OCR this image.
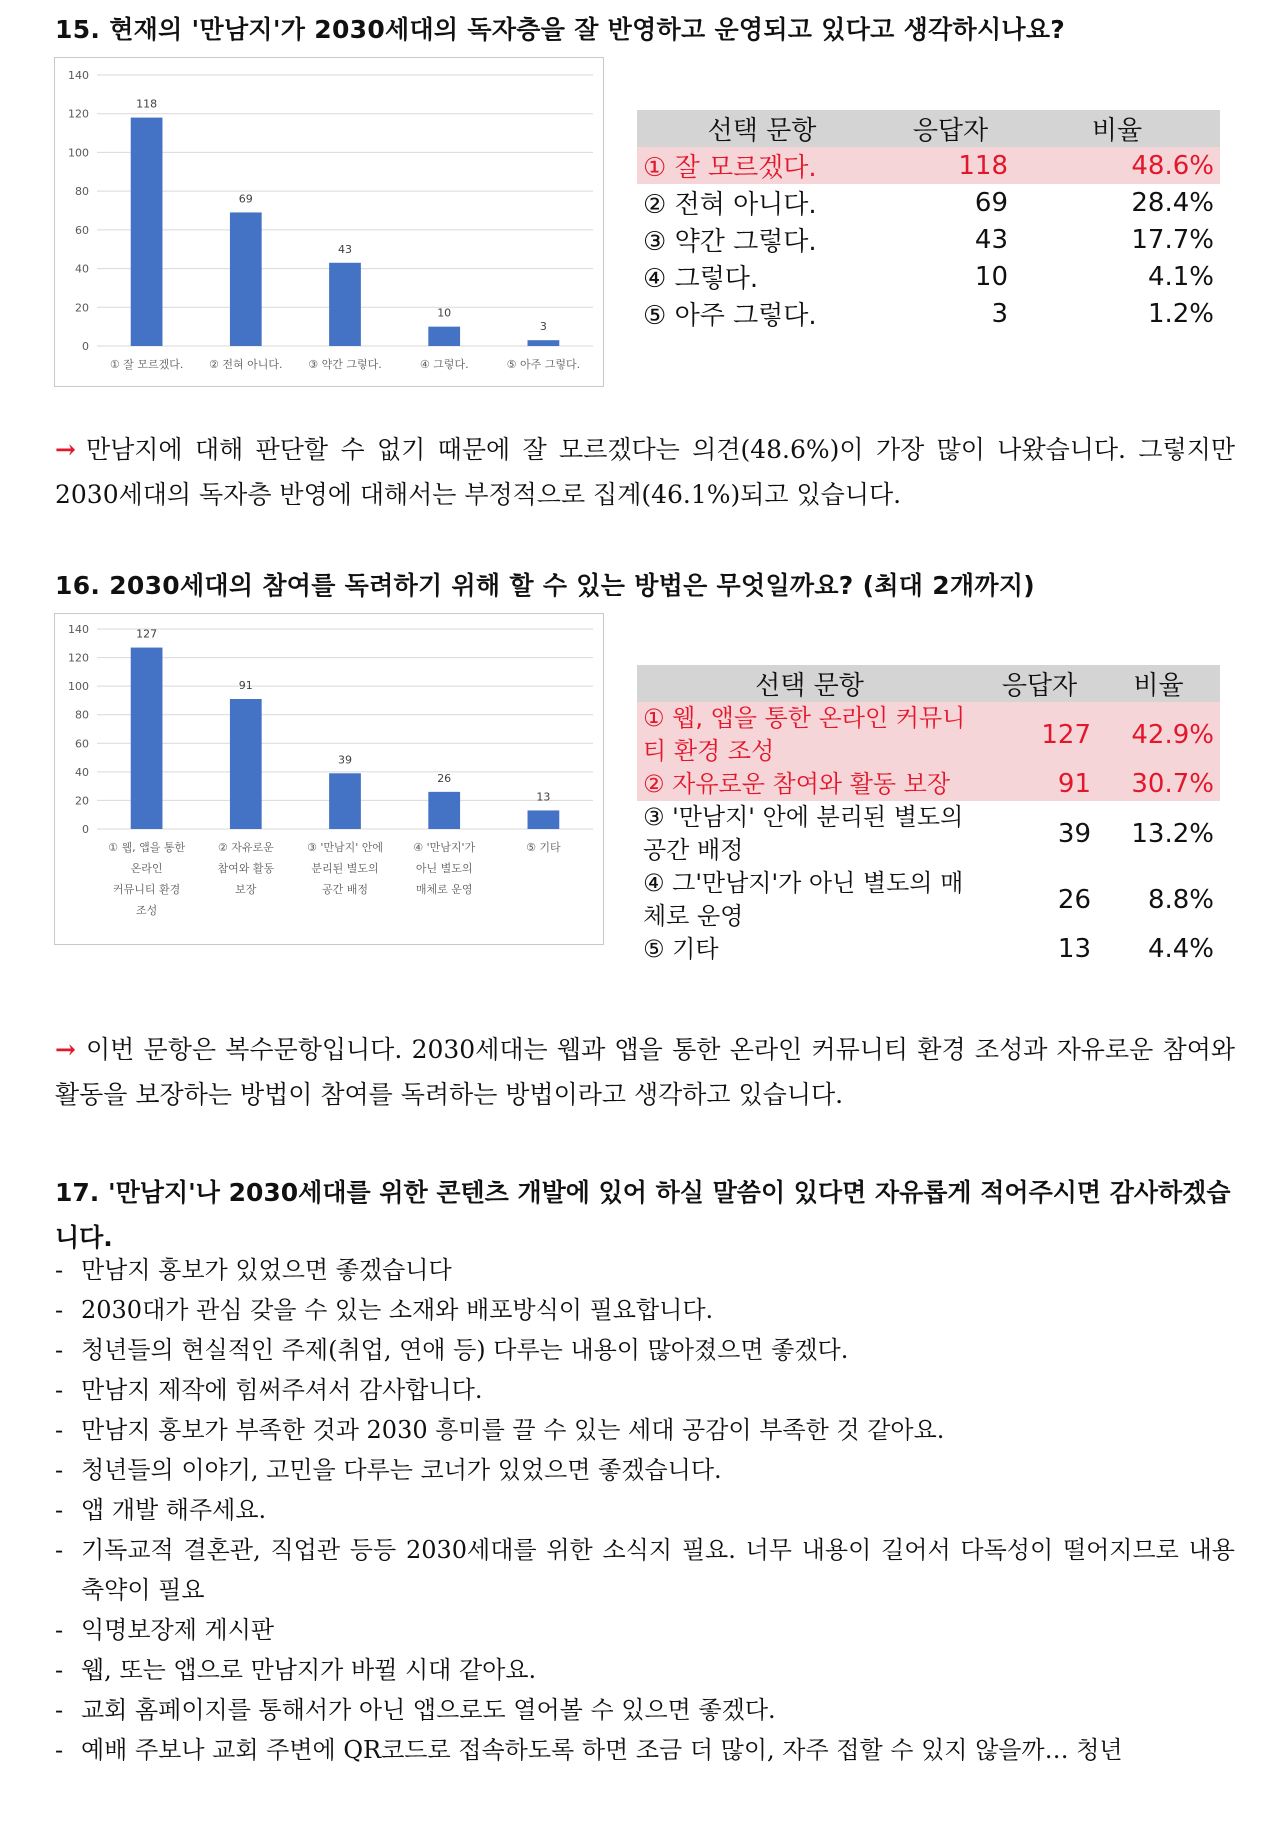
15. 현재의 '만남지'가 2030세대의 독자층을 잘 반영하고 운영되고 있다고 생각하시나요?
0
20
40
60
80
100
120
140
118
① 잘 모르겠다.
69
② 전혀 아니다.
43
③ 약간 그렇다.
10
④ 그렇다.
3
⑤ 아주 그렇다.
선택 문항	응답자	비율
① 잘 모르겠다.	118	48.6%
② 전혀 아니다.	69	28.4%
③ 약간 그렇다.	43	17.7%
④ 그렇다.	10	4.1%
⑤ 아주 그렇다.	3	1.2%
→ 만남지에 대해 판단할 수 없기 때문에 잘 모르겠다는 의견(48.6%)이 가장 많이 나왔습니다. 그렇지만 2030세대의 독자층 반영에 대해서는 부정적으로 집계(46.1%)되고 있습니다.
16. 2030세대의 참여를 독려하기 위해 할 수 있는 방법은 무엇일까요? (최대 2개까지)
0
20
40
60
80
100
120
140	127
① 웹, 앱을 통한
온라인
커뮤니티 환경
조성
91
② 자유로운
참여와 활동
보장
39
③ '만남지' 안에
분리된 별도의
공간 배정
26
④ '만남지'가
아닌 별도의
매체로 운영
13
⑤ 기타
선택 문항	응답자	비율
① 웹, 앱을 통한 온라인 커뮤니티 환경 조성	127	42.9%
② 자유로운 참여와 활동 보장	91	30.7%
③ '만남지' 안에 분리된 별도의 공간 배정	39	13.2%
④ 그'만남지'가 아닌 별도의 매체로 운영	26	8.8%
⑤ 기타	13	4.4%
→ 이번 문항은 복수문항입니다. 2030세대는 웹과 앱을 통한 온라인 커뮤니티 환경 조성과 자유로운 참여와 활동을 보장하는 방법이 참여를 독려하는 방법이라고 생각하고 있습니다.
17. '만남지'나 2030세대를 위한 콘텐츠 개발에 있어 하실 말씀이 있다면 자유롭게 적어주시면 감사하겠습니다.
- 만남지 홍보가 있었으면 좋겠습니다
- 2030대가 관심 갖을 수 있는 소재와 배포방식이 필요합니다.
- 청년들의 현실적인 주제(취업, 연애 등) 다루는 내용이 많아졌으면 좋겠다.
- 만남지 제작에 힘써주셔서 감사합니다.
- 만남지 홍보가 부족한 것과 2030 흥미를 끌 수 있는 세대 공감이 부족한 것 같아요.
- 청년들의 이야기, 고민을 다루는 코너가 있었으면 좋겠습니다.
- 앱 개발 해주세요.
- 기독교적 결혼관, 직업관 등등 2030세대를 위한 소식지 필요. 너무 내용이 길어서 다독성이 떨어지므로 내용 축약이 필요
- 익명보장제 게시판
- 웹, 또는 앱으로 만남지가 바뀔 시대 같아요.
- 교회 홈페이지를 통해서가 아닌 앱으로도 열어볼 수 있으면 좋겠다.
- 예배 주보나 교회 주변에 QR코드로 접속하도록 하면 조금 더 많이, 자주 접할 수 있지 않을까… 청년
